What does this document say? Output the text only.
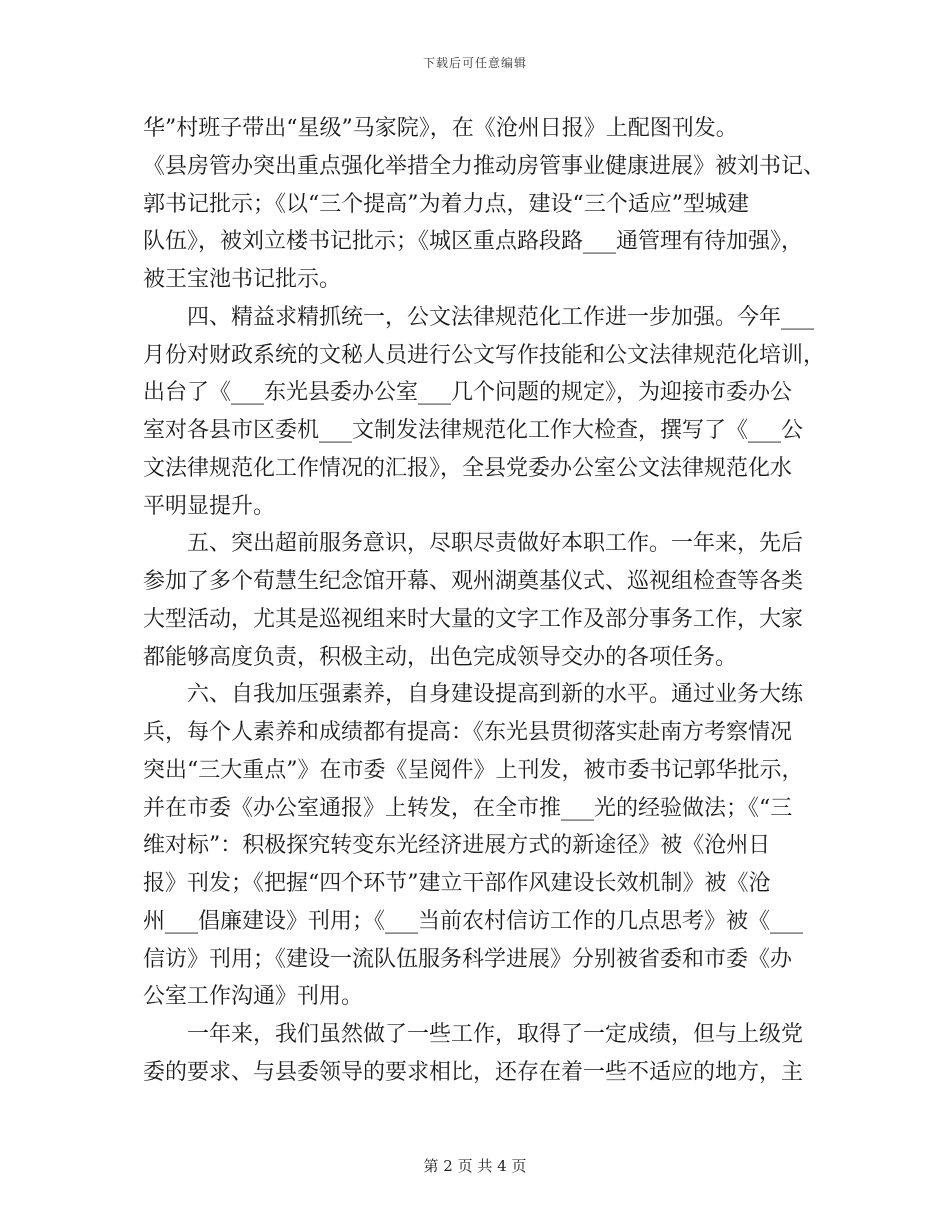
下载后可任意编辑
华”村班子带出“星级”马家院》，在《沧州日报》上配图刊发。
《县房管办突出重点强化举措全力推动房管事业健康进展》被刘书记、
郭书记批示；《以“三个提高”为着力点，建设“三个适应”型城建
队伍》，被刘立楼书记批示；《城区重点路段路___通管理有待加强》，
被王宝池书记批示。
四、精益求精抓统一，公文法律规范化工作进一步加强。今年___
月份对财政系统的文秘人员进行公文写作技能和公文法律规范化培训，
出台了《___东光县委办公室___几个问题的规定》，为迎接市委办公
室对各县市区委机___文制发法律规范化工作大检查，撰写了《___公
文法律规范化工作情况的汇报》，全县党委办公室公文法律规范化水
平明显提升。
五、突出超前服务意识，尽职尽责做好本职工作。一年来，先后
参加了多个荀慧生纪念馆开幕、观州湖奠基仪式、巡视组检查等各类
大型活动，尤其是巡视组来时大量的文字工作及部分事务工作，大家
都能够高度负责，积极主动，出色完成领导交办的各项任务。
六、自我加压强素养，自身建设提高到新的水平。通过业务大练
兵，每个人素养和成绩都有提高：《东光县贯彻落实赴南方考察情况
突出“三大重点”》在市委《呈阅件》上刊发，被市委书记郭华批示，
并在市委《办公室通报》上转发，在全市推___光的经验做法；《“三
维对标”：积极探究转变东光经济进展方式的新途径》被《沧州日
报》刊发；《把握“四个环节”建立干部作风建设长效机制》被《沧
州___倡廉建设》刊用；《___当前农村信访工作的几点思考》被《___
信访》刊用；《建设一流队伍服务科学进展》分别被省委和市委《办
公室工作沟通》刊用。
一年来，我们虽然做了一些工作，取得了一定成绩，但与上级党
委的要求、与县委领导的要求相比，还存在着一些不适应的地方，主
第 2 页 共 4 页
